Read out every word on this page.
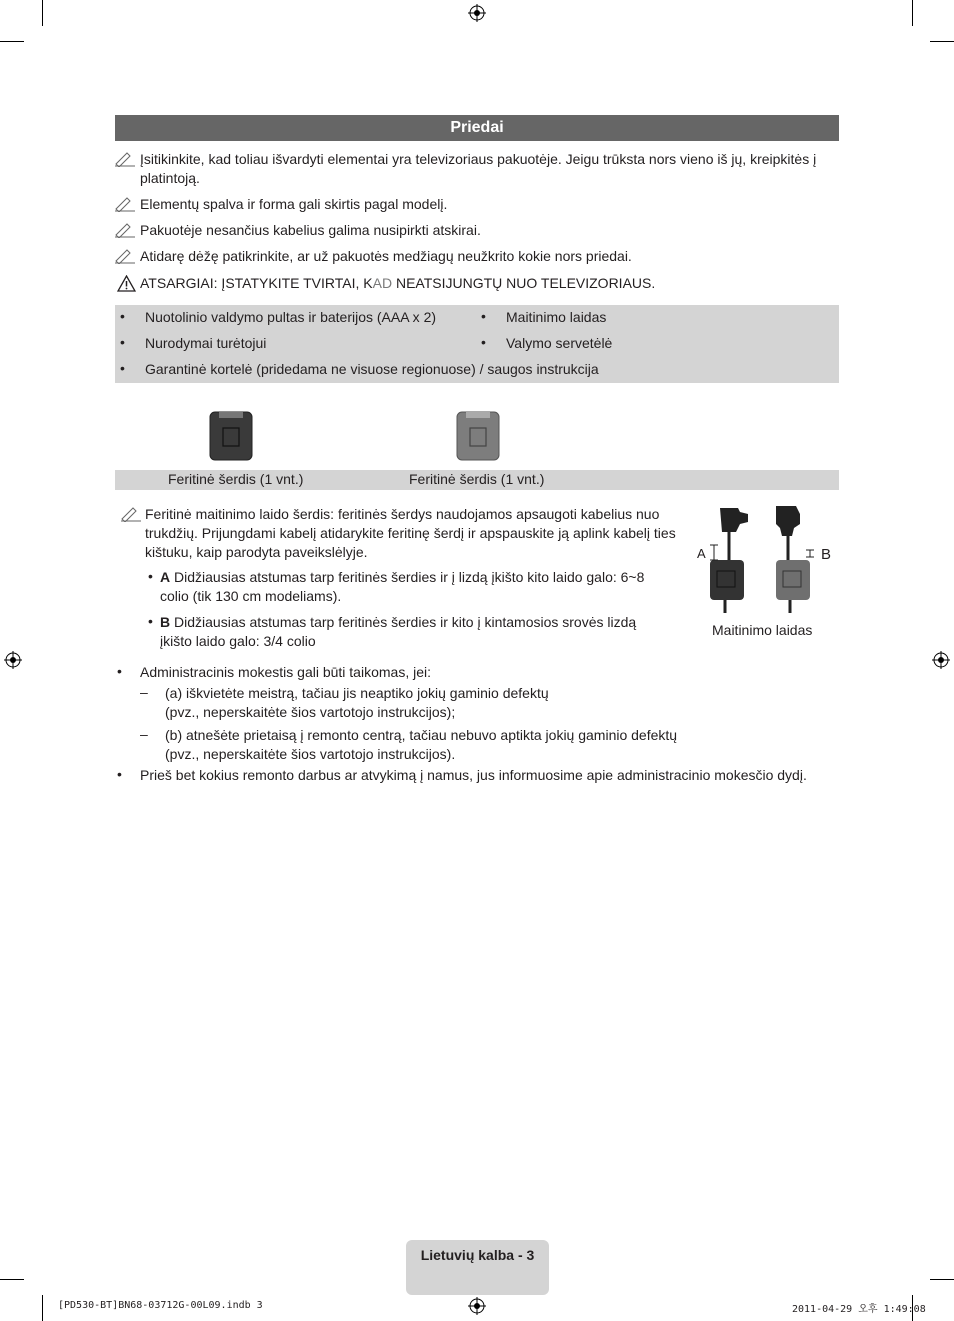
Priedai
Įsitikinkite, kad toliau išvardyti elementai yra televizoriaus pakuotėje. Jeigu trūksta nors vieno iš jų, kreipkitės į platintoją.
Elementų spalva ir forma gali skirtis pagal modelį.
Pakuotėje nesančius kabelius galima nusipirkti atskirai.
Atidarę dėžę patikrinkite, ar už pakuotės medžiagų neužkrito kokie nors priedai.
ATSARGIAI: ĮSTATYKITE TVIRTAI, KAD NEATSIJUNGTŲ NUO TELEVIZORIAUS.
• Nuotolinio valdymo pultas ir baterijos (AAA x 2)	• Maitinimo laidas
• Nurodymai turėtojui	• Valymo servetėlė
• Garantinė kortelė (pridedama ne visuose regionuose) / saugos instrukcija
Feritinė šerdis (1 vnt.)	Feritinė šerdis (1 vnt.)
Feritinė maitinimo laido šerdis: feritinės šerdys naudojamos apsaugoti kabelius nuo trukdžių. Prijungdami kabelį atidarykite feritinę šerdį ir apspauskite ją aplink kabelį ties kištuku, kaip parodyta paveikslėlyje.
• A Didžiausias atstumas tarp feritinės šerdies ir į lizdą įkišto kito laido galo: 6~8 colio (tik 130 cm modeliams).
• B Didžiausias atstumas tarp feritinės šerdies ir kito į kintamosios srovės lizdą įkišto laido galo: 3/4 colio
A	B
Maitinimo laidas
• Administracinis mokestis gali būti taikomas, jei:
– (a) iškvietėte meistrą, tačiau jis neaptiko jokių gaminio defektų
(pvz., neperskaitėte šios vartotojo instrukcijos);
– (b) atnešėte prietaisą į remonto centrą, tačiau nebuvo aptikta jokių gaminio defektų
(pvz., neperskaitėte šios vartotojo instrukcijos).
• Prieš bet kokius remonto darbus ar atvykimą į namus, jus informuosime apie administracinio mokesčio dydį.
Lietuvių kalba - 3
[PD530-BT]BN68-03712G-00L09.indb 3	2011-04-29 오후 1:49:08
